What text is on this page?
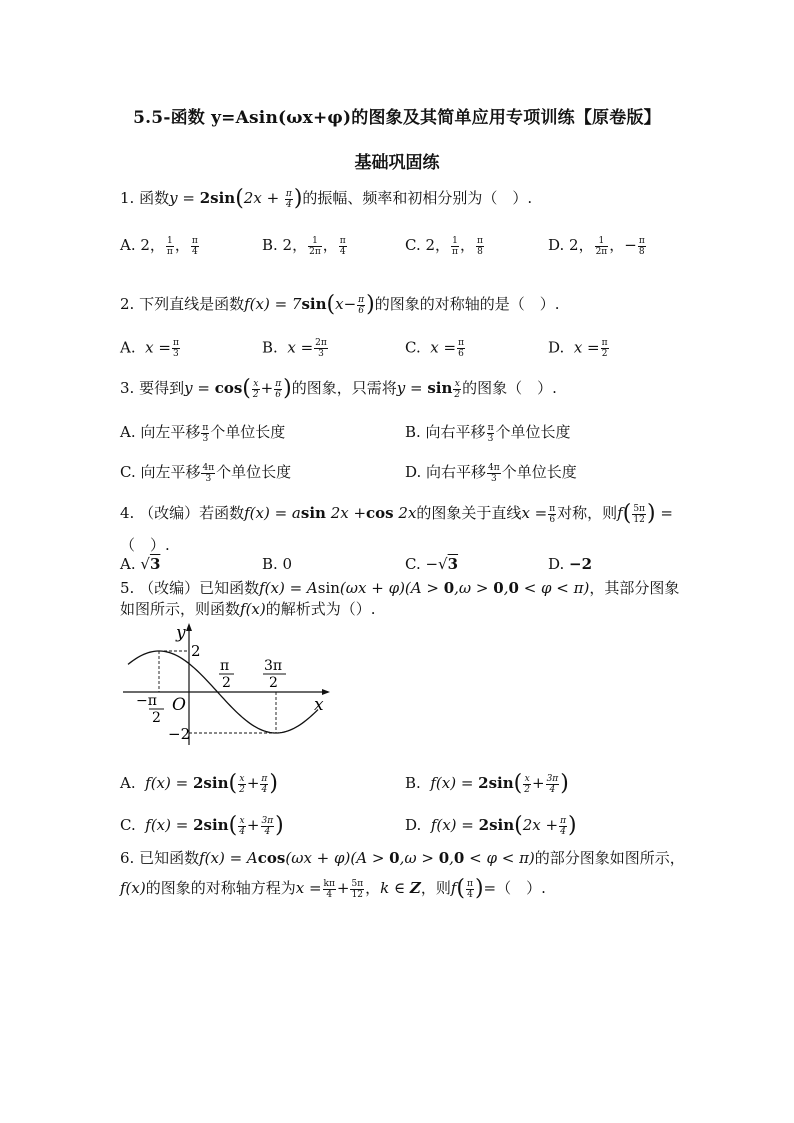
5.5-函数 y=Asin(ωx+φ)的图象及其简单应用专项训练【原卷版】
基础巩固练
1. 函数$y = 2\sin(2x + \frac{\pi}{4}$ )的振幅、频率和初相分别为（　）.
A. 2， $\frac{1}{\pi}$ ， $\frac{\pi}{4}$	B. 2， $\frac{1}{2\pi}$ ， $\frac{\pi}{4}$	C. 2， $\frac{1}{\pi}$ ， $\frac{\pi}{8}$	D. 2， $\frac{1}{2\pi}$ ，− $\frac{\pi}{8}$
2. 下列直线是函数$f(x) = 7\sin(x- \frac{\pi}{6}$ )的图象的对称轴的是（　）.
A. $x = \frac{\pi}{3}$	B. $x = \frac{2\pi}{3}$	C. $x = \frac{\pi}{6}$	D. $x = \frac{\pi}{2}$
3. 要得到$y = \cos( \frac{x}{2} + \frac{\pi}{6}$ )的图象，只需将$y = \sin \frac{x}{2}$ 的图象（　）.
A. 向左平移 $\frac{\pi}{3}$ 个单位长度	B. 向右平移 $\frac{\pi}{3}$ 个单位长度
C. 向左平移 $\frac{4\pi}{3}$ 个单位长度	D. 向右平移 $\frac{4\pi}{3}$ 个单位长度
4. （改编）若函数f(x) = asin 2x +cos 2x的图象关于直线$x = \frac{\pi}{6}$ 对称，则$f( \frac{5\pi}{12}$ ) =
（　）.
A. √3	B. 0	C. −√3	D. −2
5. （改编）已知函数f(x) = Asin(ωx + φ)(A > 0,ω > 0,0 < φ < π)，其部分图象
如图所示，则函数f(x)的解析式为（）.
y
x
O
2
−2
π
2
3π
2
−π
2
A. $f(x) = 2\sin( \frac{x}{2} + \frac{\pi}{4}$ )	B. $f(x) = 2\sin( \frac{x}{2} + \frac{3\pi}{4}$ )
C. $f(x) = 2\sin( \frac{x}{4} + \frac{3\pi}{4}$ )	D. $f(x) = 2\sin(2x + \frac{\pi}{4}$ )
6. 已知函数f(x) = Acos(ωx + φ)(A > 0,ω > 0,0 < φ < π)的部分图象如图所示，
f(x)的图象的对称轴方程为$x = \frac{k\pi}{4} + \frac{5\pi}{12}$ ，k ∈ Z，则$f( \frac{\pi}{4}$ )=（　）.
